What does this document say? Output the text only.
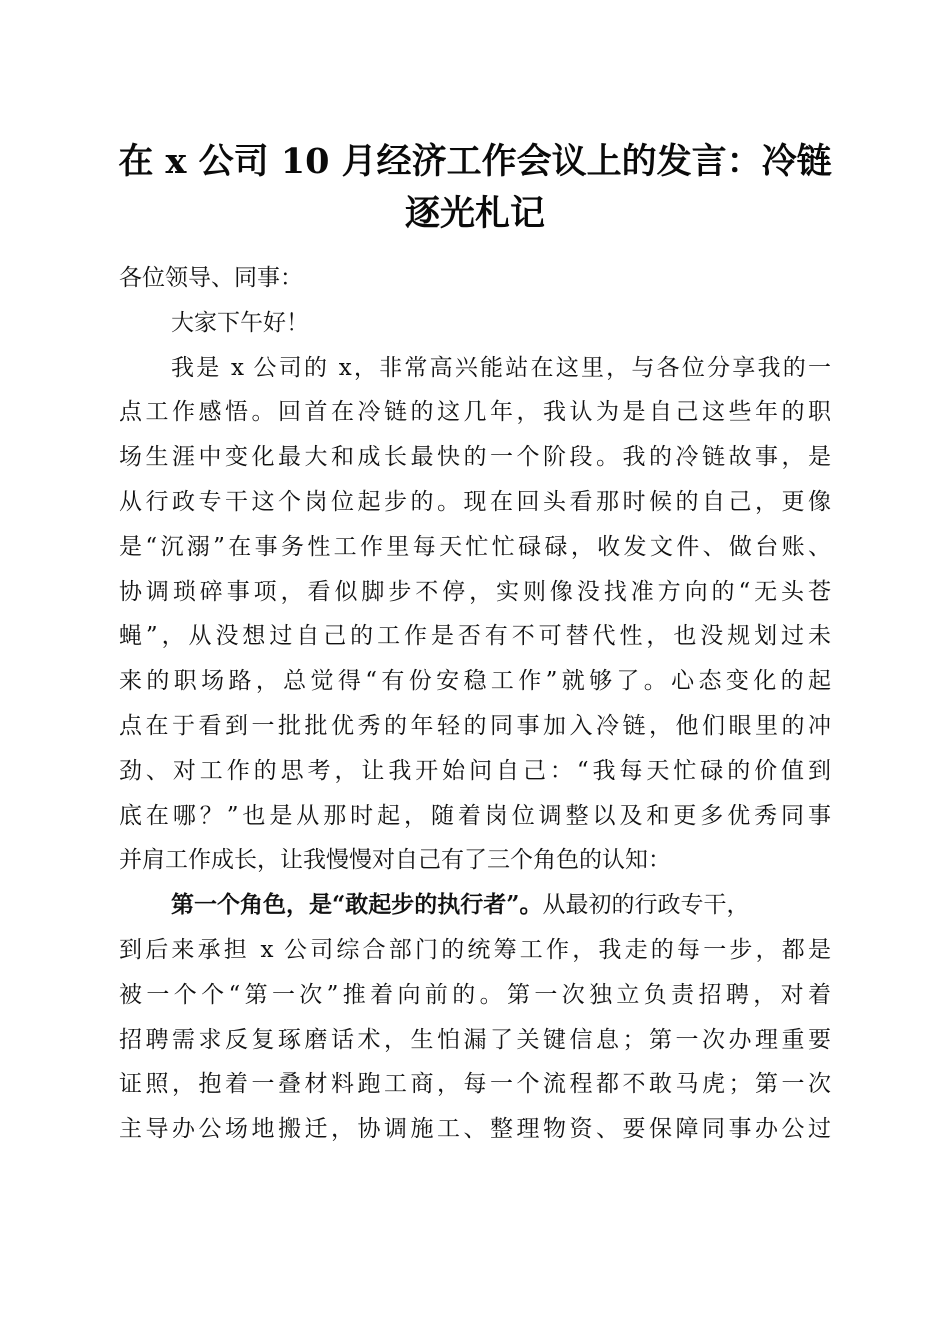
在 x 公司 10 月经济工作会议上的发言：冷链
逐光札记

各位领导、同事：

大家下午好！

我是 x 公司的 x，非常高兴能站在这里，与各位分享我的一
点工作感悟。回首在冷链的这几年，我认为是自己这些年的职
场生涯中变化最大和成长最快的一个阶段。我的冷链故事，是
从行政专干这个岗位起步的。现在回头看那时候的自己，更像
是“沉溺”在事务性工作里每天忙忙碌碌，收发文件、做台账、
协调琐碎事项，看似脚步不停，实则像没找准方向的“无头苍
蝇”，从没想过自己的工作是否有不可替代性，也没规划过未
来的职场路，总觉得“有份安稳工作”就够了。心态变化的起
点在于看到一批批优秀的年轻的同事加入冷链，他们眼里的冲
劲、对工作的思考，让我开始问自己：“我每天忙碌的价值到
底在哪？”也是从那时起，随着岗位调整以及和更多优秀同事
并肩工作成长，让我慢慢对自己有了三个角色的认知：

第一个角色，是“敢起步的执行者”。从最初的行政专干，
到后来承担 x 公司综合部门的统筹工作，我走的每一步，都是
被一个个“第一次”推着向前的。第一次独立负责招聘，对着
招聘需求反复琢磨话术，生怕漏了关键信息；第一次办理重要
证照，抱着一叠材料跑工商，每一个流程都不敢马虎；第一次
主导办公场地搬迁，协调施工、整理物资、要保障同事办公过
